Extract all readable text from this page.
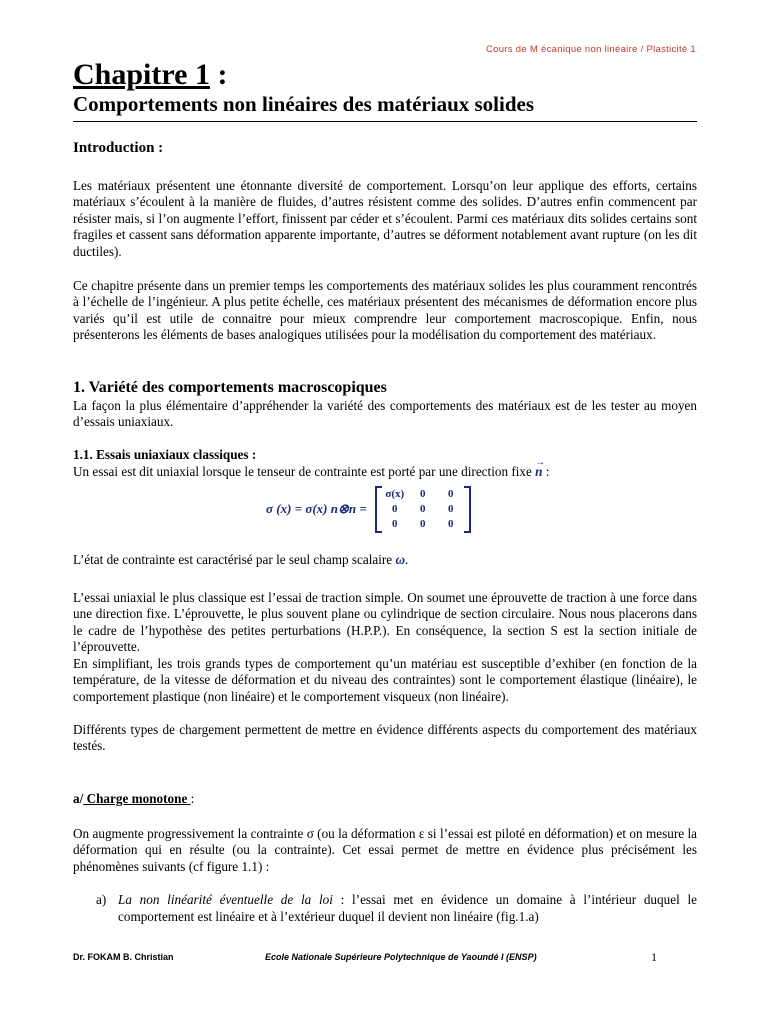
Cours de M écanique non linéaire / Plasticité 1
Chapitre 1 :
Comportements non linéaires des matériaux solides
Introduction :

Les matériaux présentent une étonnante diversité de comportement. Lorsqu’on leur applique des efforts, certains matériaux s’écoulent à la manière de fluides, d’autres résistent comme des solides. D’autres enfin commencent par résister mais, si l’on augmente l’effort, finissent par céder et s’écoulent. Parmi ces matériaux dits solides certains sont fragiles et cassent sans déformation apparente importante, d’autres se déforment notablement avant rupture (on les dit ductiles).

Ce chapitre présente dans un premier temps les comportements des matériaux solides les plus couramment rencontrés à l’échelle de l’ingénieur. A plus petite échelle, ces matériaux présentent des mécanismes de déformation encore plus variés qu’il est utile de connaitre pour mieux comprendre leur comportement macroscopique. Enfin, nous présenterons les éléments de bases analogiques utilisées pour la modélisation du comportement des matériaux.

1. Variété des comportements macroscopiques

La façon la plus élémentaire d’appréhender la variété des comportements des matériaux est de les tester au moyen d’essais uniaxiaux.

1.1. Essais uniaxiaux classiques :

Un essai est dit uniaxial lorsque le tenseur de contrainte est porté par une direction fixe → n :

σ (x) = σ(x) n⊗n =
σ(x)	0	0
0	0	0
0	0	0

L’état de contrainte est caractérisé par le seul champ scalaire ω.

L’essai uniaxial le plus classique est l’essai de traction simple. On soumet une éprouvette de traction à une force dans une direction fixe. L’éprouvette, le plus souvent plane ou cylindrique de section circulaire. Nous nous placerons dans le cadre de l’hypothèse des petites perturbations (H.P.P.). En conséquence, la section S est la section initiale de l’éprouvette.

En simplifiant, les trois grands types de comportement qu’un matériau est susceptible d’exhiber (en fonction de la température, de la vitesse de déformation et du niveau des contraintes) sont le comportement élastique (linéaire), le comportement plastique (non linéaire) et le comportement visqueux (non linéaire).

Différents types de chargement permettent de mettre en évidence différents aspects du comportement des matériaux testés.

a/ Charge monotone :

On augmente progressivement la contrainte σ (ou la déformation ε si l’essai est piloté en déformation) et on mesure la déformation qui en résulte (ou la contrainte). Cet essai permet de mettre en évidence plus précisément les phénomènes suivants (cf figure 1.1) :

a) La non linéarité éventuelle de la loi : l’essai met en évidence un domaine à l’intérieur duquel le comportement est linéaire et à l’extérieur duquel il devient non linéaire (fig.1.a)
Dr. FOKAM B. Christian	Ecole Nationale Supérieure Polytechnique de Yaoundé I (ENSP)	1
